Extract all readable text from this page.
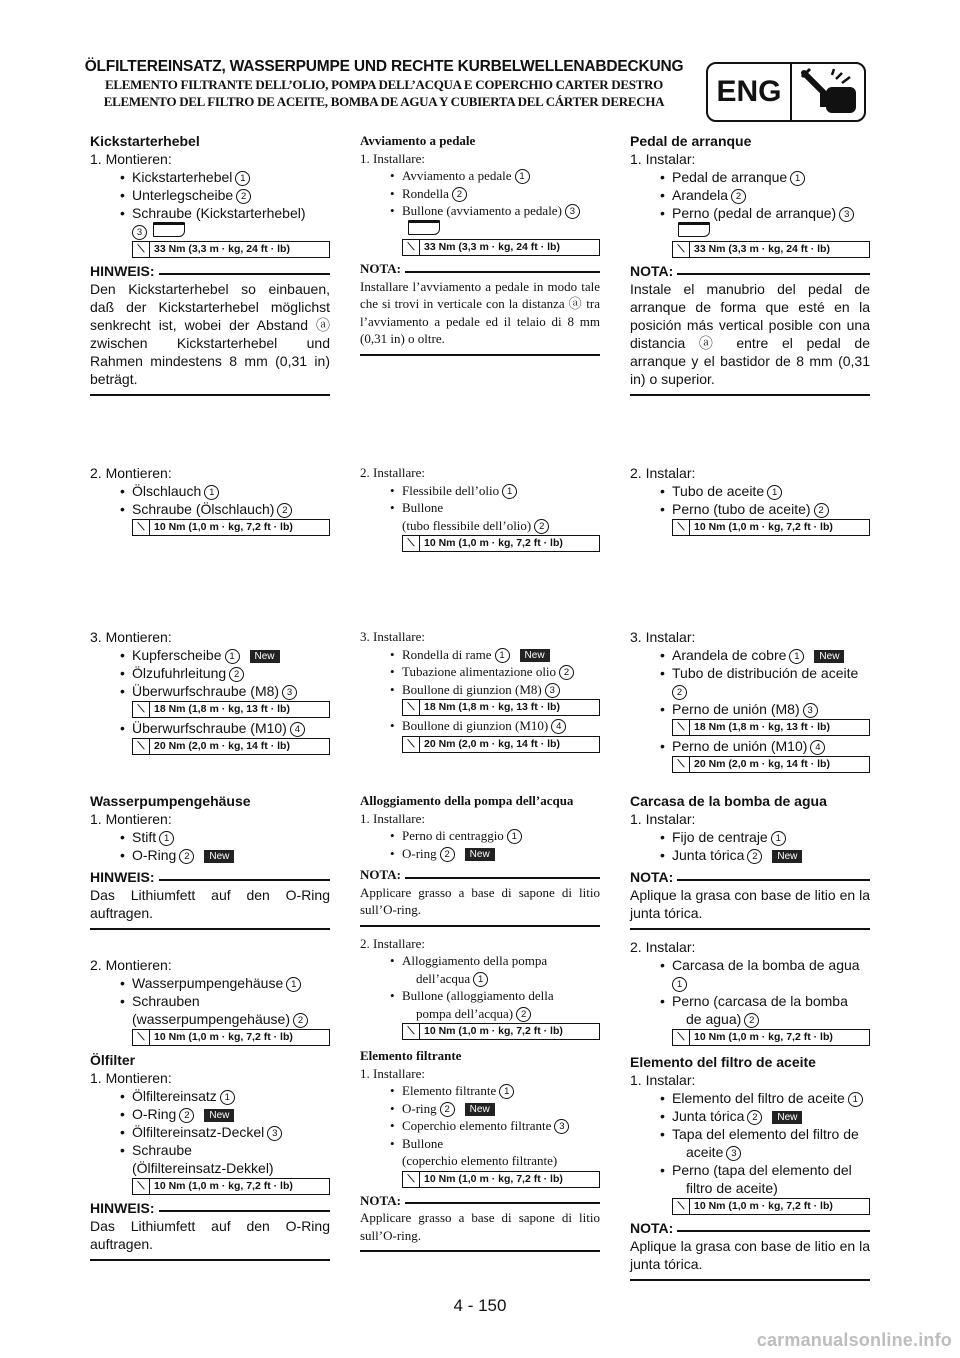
ÖLFILTEREINSATZ, WASSERPUMPE UND RECHTE KURBELWELLENABDECKUNG
ELEMENTO FILTRANTE DELL’OLIO, POMPA DELL’ACQUA E COPERCHIO CARTER DESTRO
ELEMENTO DEL FILTRO DE ACEITE, BOMBA DE AGUA Y CUBIERTA DEL CÁRTER DERECHA	ENG
Kickstarterhebel
1. Montieren:
• Kickstarterhebel 1
• Unterlegscheibe 2
• Schraube (Kickstarterhebel)
3
⟍ 33 Nm (3,3 m · kg, 24 ft · lb)
HINWEIS:
Den Kickstarterhebel so einbauen, daß der Kickstarterhebel möglichst senkrecht ist, wobei der Abstand ⓐ zwischen Kickstarterhebel und Rahmen mindestens 8 mm (0,31 in) beträgt.
2. Montieren:
• Ölschlauch 1
• Schraube (Ölschlauch) 2
⟍ 10 Nm (1,0 m · kg, 7,2 ft · lb)
3. Montieren:
• Kupferscheibe 1 New
• Ölzufuhrleitung 2
• Überwurfschraube (M8) 3
⟍ 18 Nm (1,8 m · kg, 13 ft · lb)
• Überwurfschraube (M10) 4
⟍ 20 Nm (2,0 m · kg, 14 ft · lb)
Wasserpumpengehäuse
1. Montieren:
• Stift 1
• O-Ring 2 New
HINWEIS:
Das Lithiumfett auf den O-Ring auftragen.
2. Montieren:
• Wasserpumpengehäuse 1
• Schrauben
(wasserpumpengehäuse) 2
⟍ 10 Nm (1,0 m · kg, 7,2 ft · lb)
Ölfilter
1. Montieren:
• Ölfiltereinsatz 1
• O-Ring 2 New
• Ölfiltereinsatz-Deckel 3
• Schraube
(Ölfiltereinsatz-Dekkel)
⟍ 10 Nm (1,0 m · kg, 7,2 ft · lb)
HINWEIS:
Das Lithiumfett auf den O-Ring auftragen.
Avviamento a pedale
1. Installare:
• Avviamento a pedale 1
• Rondella 2
• Bullone (avviamento a pedale) 3
⟍ 33 Nm (3,3 m · kg, 24 ft · lb)
NOTA:
Installare l’avviamento a pedale in modo tale che si trovi in verticale con la distanza ⓐ tra l’avviamento a pedale ed il telaio di 8 mm (0,31 in) o oltre.
2. Installare:
• Flessibile dell’olio 1
• Bullone
(tubo flessibile dell’olio) 2
⟍ 10 Nm (1,0 m · kg, 7,2 ft · lb)
3. Installare:
• Rondella di rame 1 New
• Tubazione alimentazione olio 2
• Boullone di giunzion (M8) 3
⟍ 18 Nm (1,8 m · kg, 13 ft · lb)
• Boullone di giunzion (M10) 4
⟍ 20 Nm (2,0 m · kg, 14 ft · lb)
Alloggiamento della pompa dell’acqua
1. Installare:
• Perno di centraggio 1
• O-ring 2 New
NOTA:
Applicare grasso a base di sapone di litio sull’O-ring.
2. Installare:
• Alloggiamento della pompa
dell’acqua 1
• Bullone (alloggiamento della
pompa dell’acqua) 2
⟍ 10 Nm (1,0 m · kg, 7,2 ft · lb)
Elemento filtrante
1. Installare:
• Elemento filtrante 1
• O-ring 2 New
• Coperchio elemento filtrante 3
• Bullone
(coperchio elemento filtrante)
⟍ 10 Nm (1,0 m · kg, 7,2 ft · lb)
NOTA:
Applicare grasso a base di sapone di litio sull’O-ring.
Pedal de arranque
1. Instalar:
• Pedal de arranque 1
• Arandela 2
• Perno (pedal de arranque) 3
⟍ 33 Nm (3,3 m · kg, 24 ft · lb)
NOTA:
Instale el manubrio del pedal de arranque de forma que esté en la posición más vertical posible con una distancia ⓐ entre el pedal de arranque y el bastidor de 8 mm (0,31 in) o superior.
2. Instalar:
• Tubo de aceite 1
• Perno (tubo de aceite) 2
⟍ 10 Nm (1,0 m · kg, 7,2 ft · lb)
3. Instalar:
• Arandela de cobre 1 New
• Tubo de distribución de aceite
2
• Perno de unión (M8) 3
⟍ 18 Nm (1,8 m · kg, 13 ft · lb)
• Perno de unión (M10) 4
⟍ 20 Nm (2,0 m · kg, 14 ft · lb)
Carcasa de la bomba de agua
1. Instalar:
• Fijo de centraje 1
• Junta tórica 2 New
NOTA:
Aplique la grasa con base de litio en la junta tórica.
2. Instalar:
• Carcasa de la bomba de agua
1
• Perno (carcasa de la bomba
de agua) 2
⟍ 10 Nm (1,0 m · kg, 7,2 ft · lb)
Elemento del filtro de aceite
1. Instalar:
• Elemento del filtro de aceite 1
• Junta tórica 2 New
• Tapa del elemento del filtro de
aceite 3
• Perno (tapa del elemento del
filtro de aceite)
⟍ 10 Nm (1,0 m · kg, 7,2 ft · lb)
NOTA:
Aplique la grasa con base de litio en la junta tórica.
4 - 150
carmanualsonline.info
